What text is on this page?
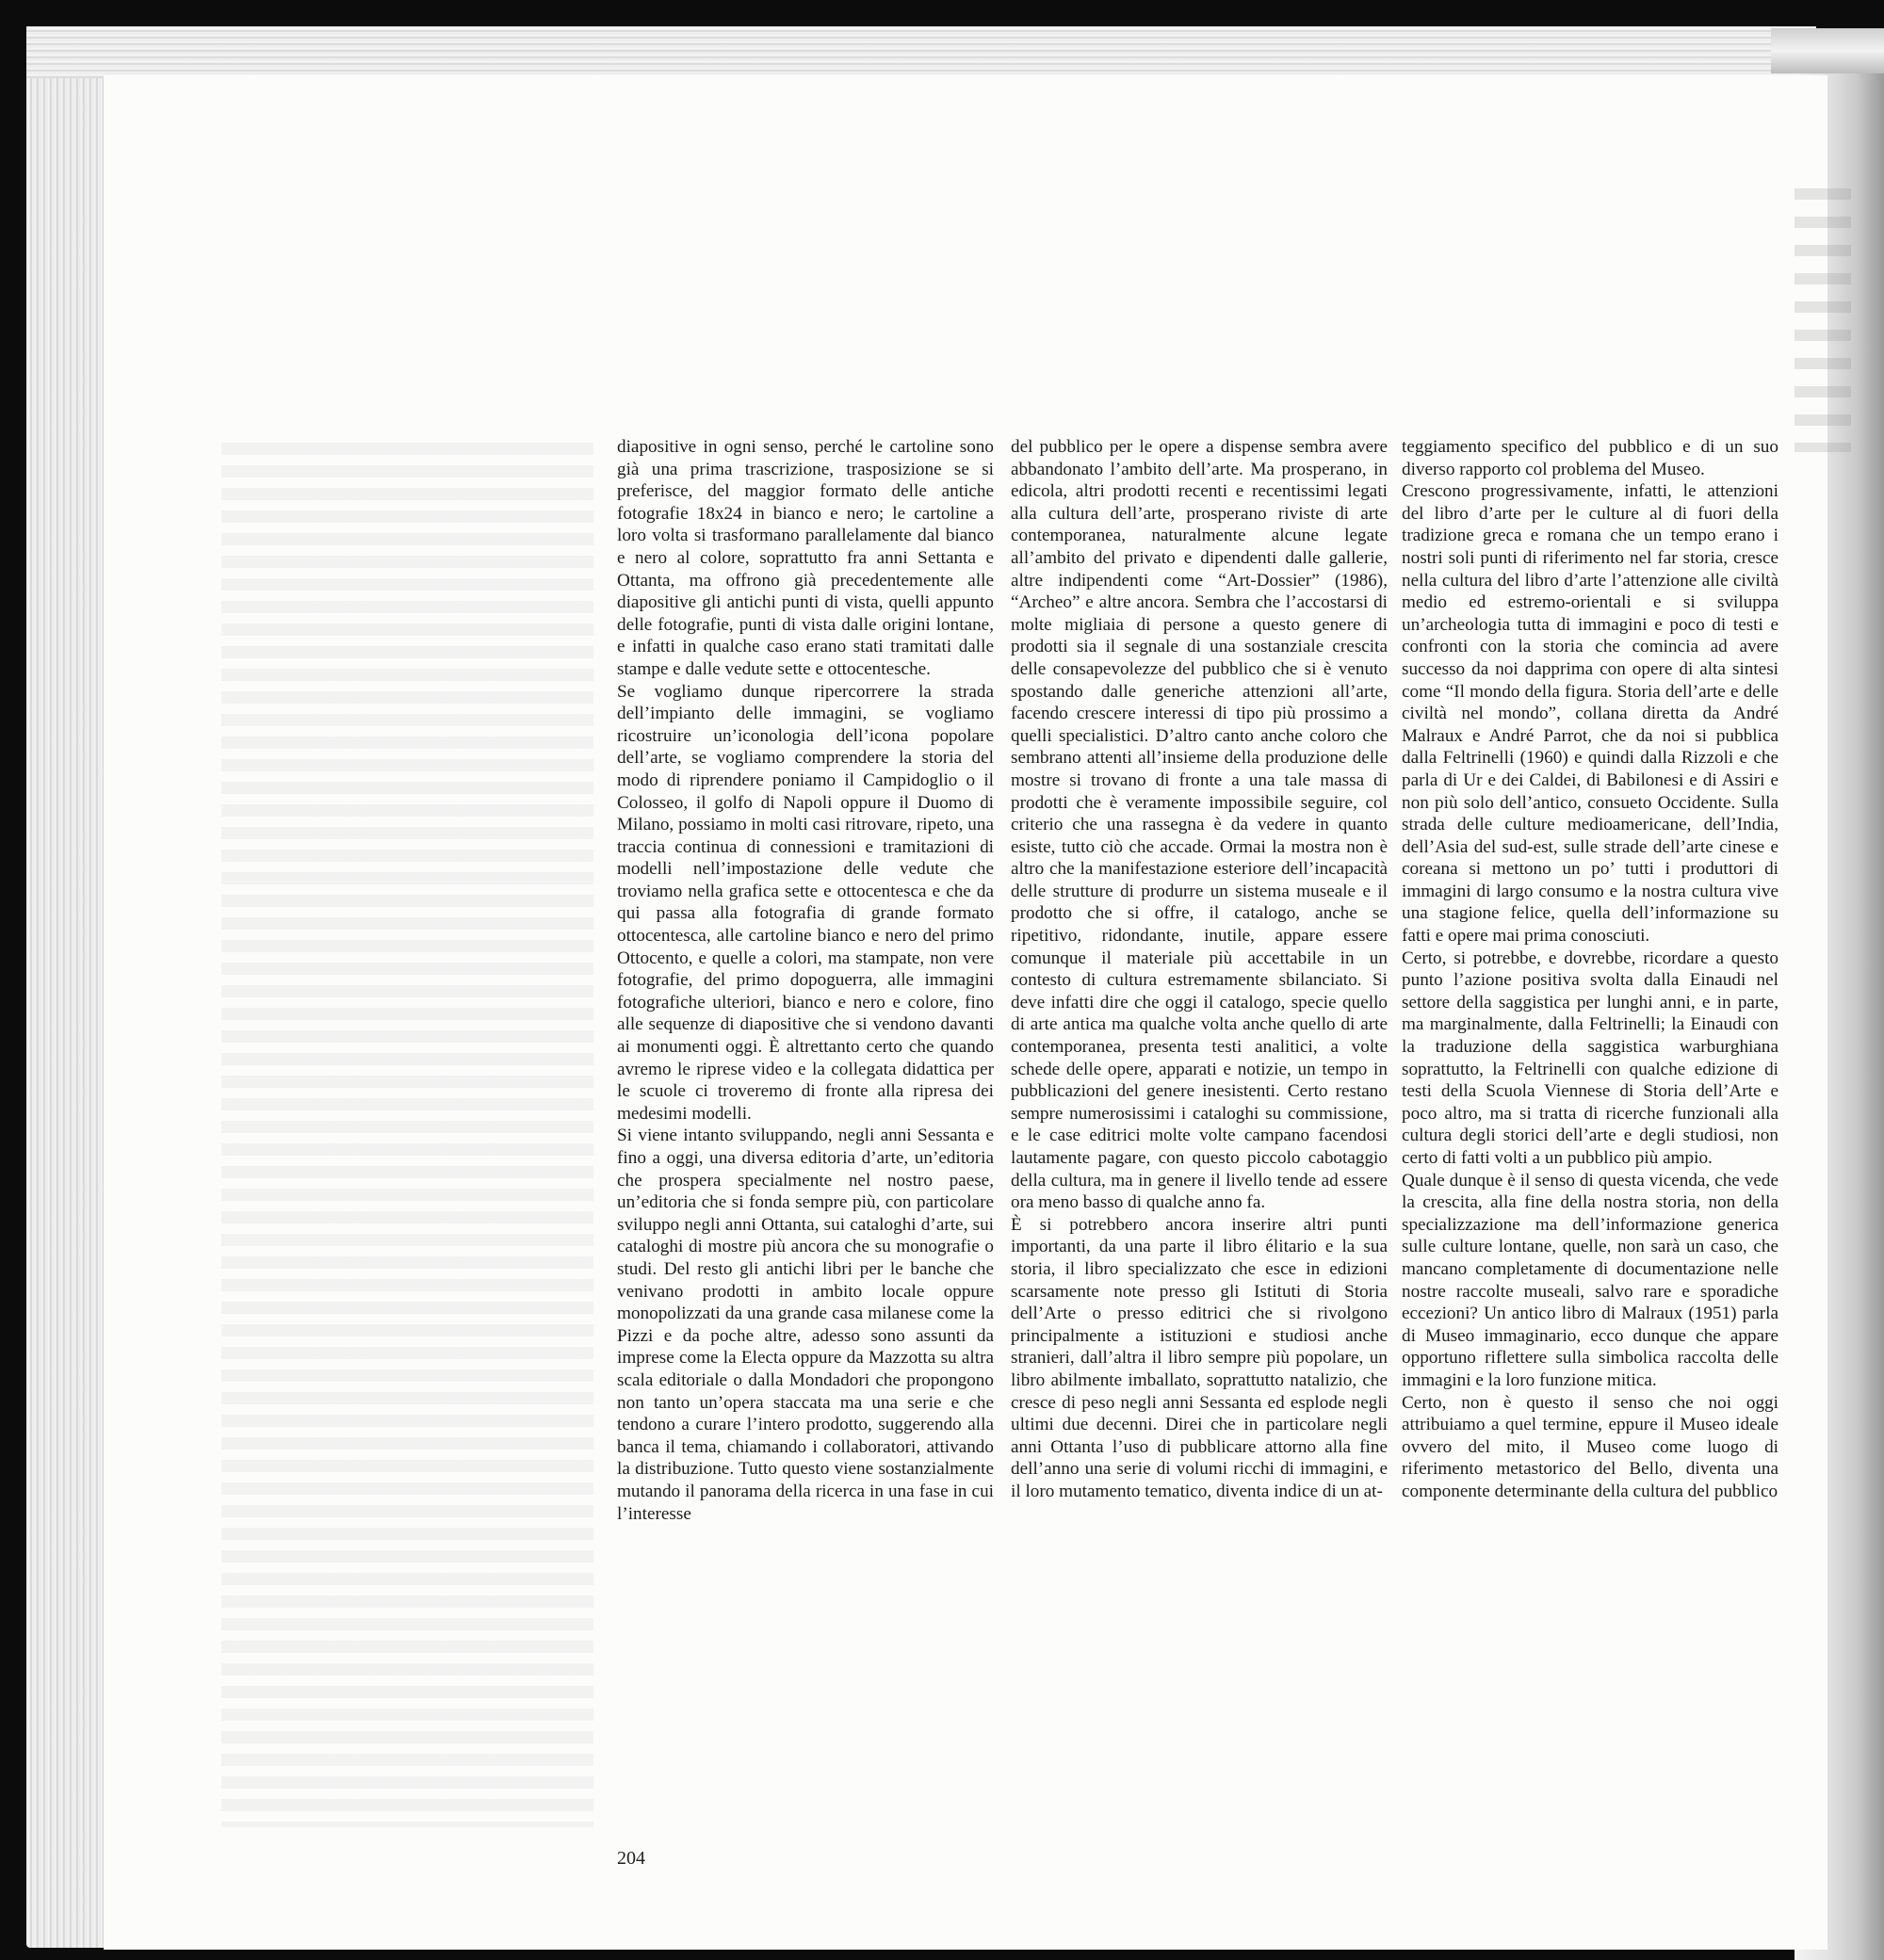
diapositive in ogni senso, perché le cartoline sono già una prima trascrizione, trasposizione se si preferisce, del maggior formato delle antiche fotografie 18x24 in bianco e nero; le cartoline a loro volta si trasformano parallelamente dal bianco e nero al colore, soprattutto fra anni Settanta e Ottanta, ma offrono già precedentemente alle diapositive gli antichi punti di vista, quelli appunto delle fotografie, punti di vista dalle origini lontane, e infatti in qualche caso erano stati tramitati dalle stampe e dalle vedute sette e ottocentesche.

Se vogliamo dunque ripercorrere la strada dell’impianto delle immagini, se vogliamo ricostruire un’iconologia dell’icona popolare dell’arte, se vogliamo comprendere la storia del modo di riprendere poniamo il Campidoglio o il Colosseo, il golfo di Napoli oppure il Duomo di Milano, possiamo in molti casi ritrovare, ripeto, una traccia continua di connessioni e tramitazioni di modelli nell’impostazione delle vedute che troviamo nella grafica sette e ottocentesca e che da qui passa alla fotografia di grande formato ottocentesca, alle cartoline bianco e nero del primo Ottocento, e quelle a colori, ma stampate, non vere fotografie, del primo dopoguerra, alle immagini fotografiche ulteriori, bianco e nero e colore, fino alle sequenze di diapositive che si vendono davanti ai monumenti oggi. È altrettanto certo che quando avremo le riprese video e la collegata didattica per le scuole ci troveremo di fronte alla ripresa dei medesimi modelli.

Si viene intanto sviluppando, negli anni Sessanta e fino a oggi, una diversa editoria d’arte, un’editoria che prospera specialmente nel nostro paese, un’editoria che si fonda sempre più, con particolare sviluppo negli anni Ottanta, sui cataloghi d’arte, sui cataloghi di mostre più ancora che su monografie o studi. Del resto gli antichi libri per le banche che venivano prodotti in ambito locale oppure monopolizzati da una grande casa milanese come la Pizzi e da poche altre, adesso sono assunti da imprese come la Electa oppure da Mazzotta su altra scala editoriale o dalla Mondadori che propongono non tanto un’opera staccata ma una serie e che tendono a curare l’intero prodotto, suggerendo alla banca il tema, chiamando i collaboratori, attivando la distribuzione. Tutto questo viene sostanzialmente mutando il panorama della ricerca in una fase in cui l’interesse

del pubblico per le opere a dispense sembra avere abbandonato l’ambito dell’arte. Ma prosperano, in edicola, altri prodotti recenti e recentissimi legati alla cultura dell’arte, prosperano riviste di arte contemporanea, naturalmente alcune legate all’ambito del privato e dipendenti dalle gallerie, altre indipendenti come “Art-Dossier” (1986), “Archeo” e altre ancora. Sembra che l’accostarsi di molte migliaia di persone a questo genere di prodotti sia il segnale di una sostanziale crescita delle consapevolezze del pubblico che si è venuto spostando dalle generiche attenzioni all’arte, facendo crescere interessi di tipo più prossimo a quelli specialistici. D’altro canto anche coloro che sembrano attenti all’insieme della produzione delle mostre si trovano di fronte a una tale massa di prodotti che è veramente impossibile seguire, col criterio che una rassegna è da vedere in quanto esiste, tutto ciò che accade. Ormai la mostra non è altro che la manifestazione esteriore dell’incapacità delle strutture di produrre un sistema museale e il prodotto che si offre, il catalogo, anche se ripetitivo, ridondante, inutile, appare essere comunque il materiale più accettabile in un contesto di cultura estremamente sbilanciato. Si deve infatti dire che oggi il catalogo, specie quello di arte antica ma qualche volta anche quello di arte contemporanea, presenta testi analitici, a volte schede delle opere, apparati e notizie, un tempo in pubblicazioni del genere inesistenti. Certo restano sempre numerosissimi i cataloghi su commissione, e le case editrici molte volte campano facendosi lautamente pagare, con questo piccolo cabotaggio della cultura, ma in genere il livello tende ad essere ora meno basso di qualche anno fa.

È si potrebbero ancora inserire altri punti importanti, da una parte il libro élitario e la sua storia, il libro specializzato che esce in edizioni scarsamente note presso gli Istituti di Storia dell’Arte o presso editrici che si rivolgono principalmente a istituzioni e studiosi anche stranieri, dall’altra il libro sempre più popolare, un libro abilmente imballato, soprattutto natalizio, che cresce di peso negli anni Sessanta ed esplode negli ultimi due decenni. Direi che in particolare negli anni Ottanta l’uso di pubblicare attorno alla fine dell’anno una serie di volumi ricchi di immagini, e il loro mutamento tematico, diventa indice di un at-

teggiamento specifico del pubblico e di un suo diverso rapporto col problema del Museo.

Crescono progressivamente, infatti, le attenzioni del libro d’arte per le culture al di fuori della tradizione greca e romana che un tempo erano i nostri soli punti di riferimento nel far storia, cresce nella cultura del libro d’arte l’attenzione alle civiltà medio ed estremo-orientali e si sviluppa un’archeologia tutta di immagini e poco di testi e confronti con la storia che comincia ad avere successo da noi dapprima con opere di alta sintesi come “Il mondo della figura. Storia dell’arte e delle civiltà nel mondo”, collana diretta da André Malraux e André Parrot, che da noi si pubblica dalla Feltrinelli (1960) e quindi dalla Rizzoli e che parla di Ur e dei Caldei, di Babilonesi e di Assiri e non più solo dell’antico, consueto Occidente. Sulla strada delle culture medioamericane, dell’India, dell’Asia del sud-est, sulle strade dell’arte cinese e coreana si mettono un po’ tutti i produttori di immagini di largo consumo e la nostra cultura vive una stagione felice, quella dell’informazione su fatti e opere mai prima conosciuti.

Certo, si potrebbe, e dovrebbe, ricordare a questo punto l’azione positiva svolta dalla Einaudi nel settore della saggistica per lunghi anni, e in parte, ma marginalmente, dalla Feltrinelli; la Einaudi con la traduzione della saggistica warburghiana soprattutto, la Feltrinelli con qualche edizione di testi della Scuola Viennese di Storia dell’Arte e poco altro, ma si tratta di ricerche funzionali alla cultura degli storici dell’arte e degli studiosi, non certo di fatti volti a un pubblico più ampio.

Quale dunque è il senso di questa vicenda, che vede la crescita, alla fine della nostra storia, non della specializzazione ma dell’informazione generica sulle culture lontane, quelle, non sarà un caso, che mancano completamente di documentazione nelle nostre raccolte museali, salvo rare e sporadiche eccezioni? Un antico libro di Malraux (1951) parla di Museo immaginario, ecco dunque che appare opportuno riflettere sulla simbolica raccolta delle immagini e la loro funzione mitica.

Certo, non è questo il senso che noi oggi attribuiamo a quel termine, eppure il Museo ideale ovvero del mito, il Museo come luogo di riferimento metastorico del Bello, diventa una componente determinante della cultura del pubblico

204
